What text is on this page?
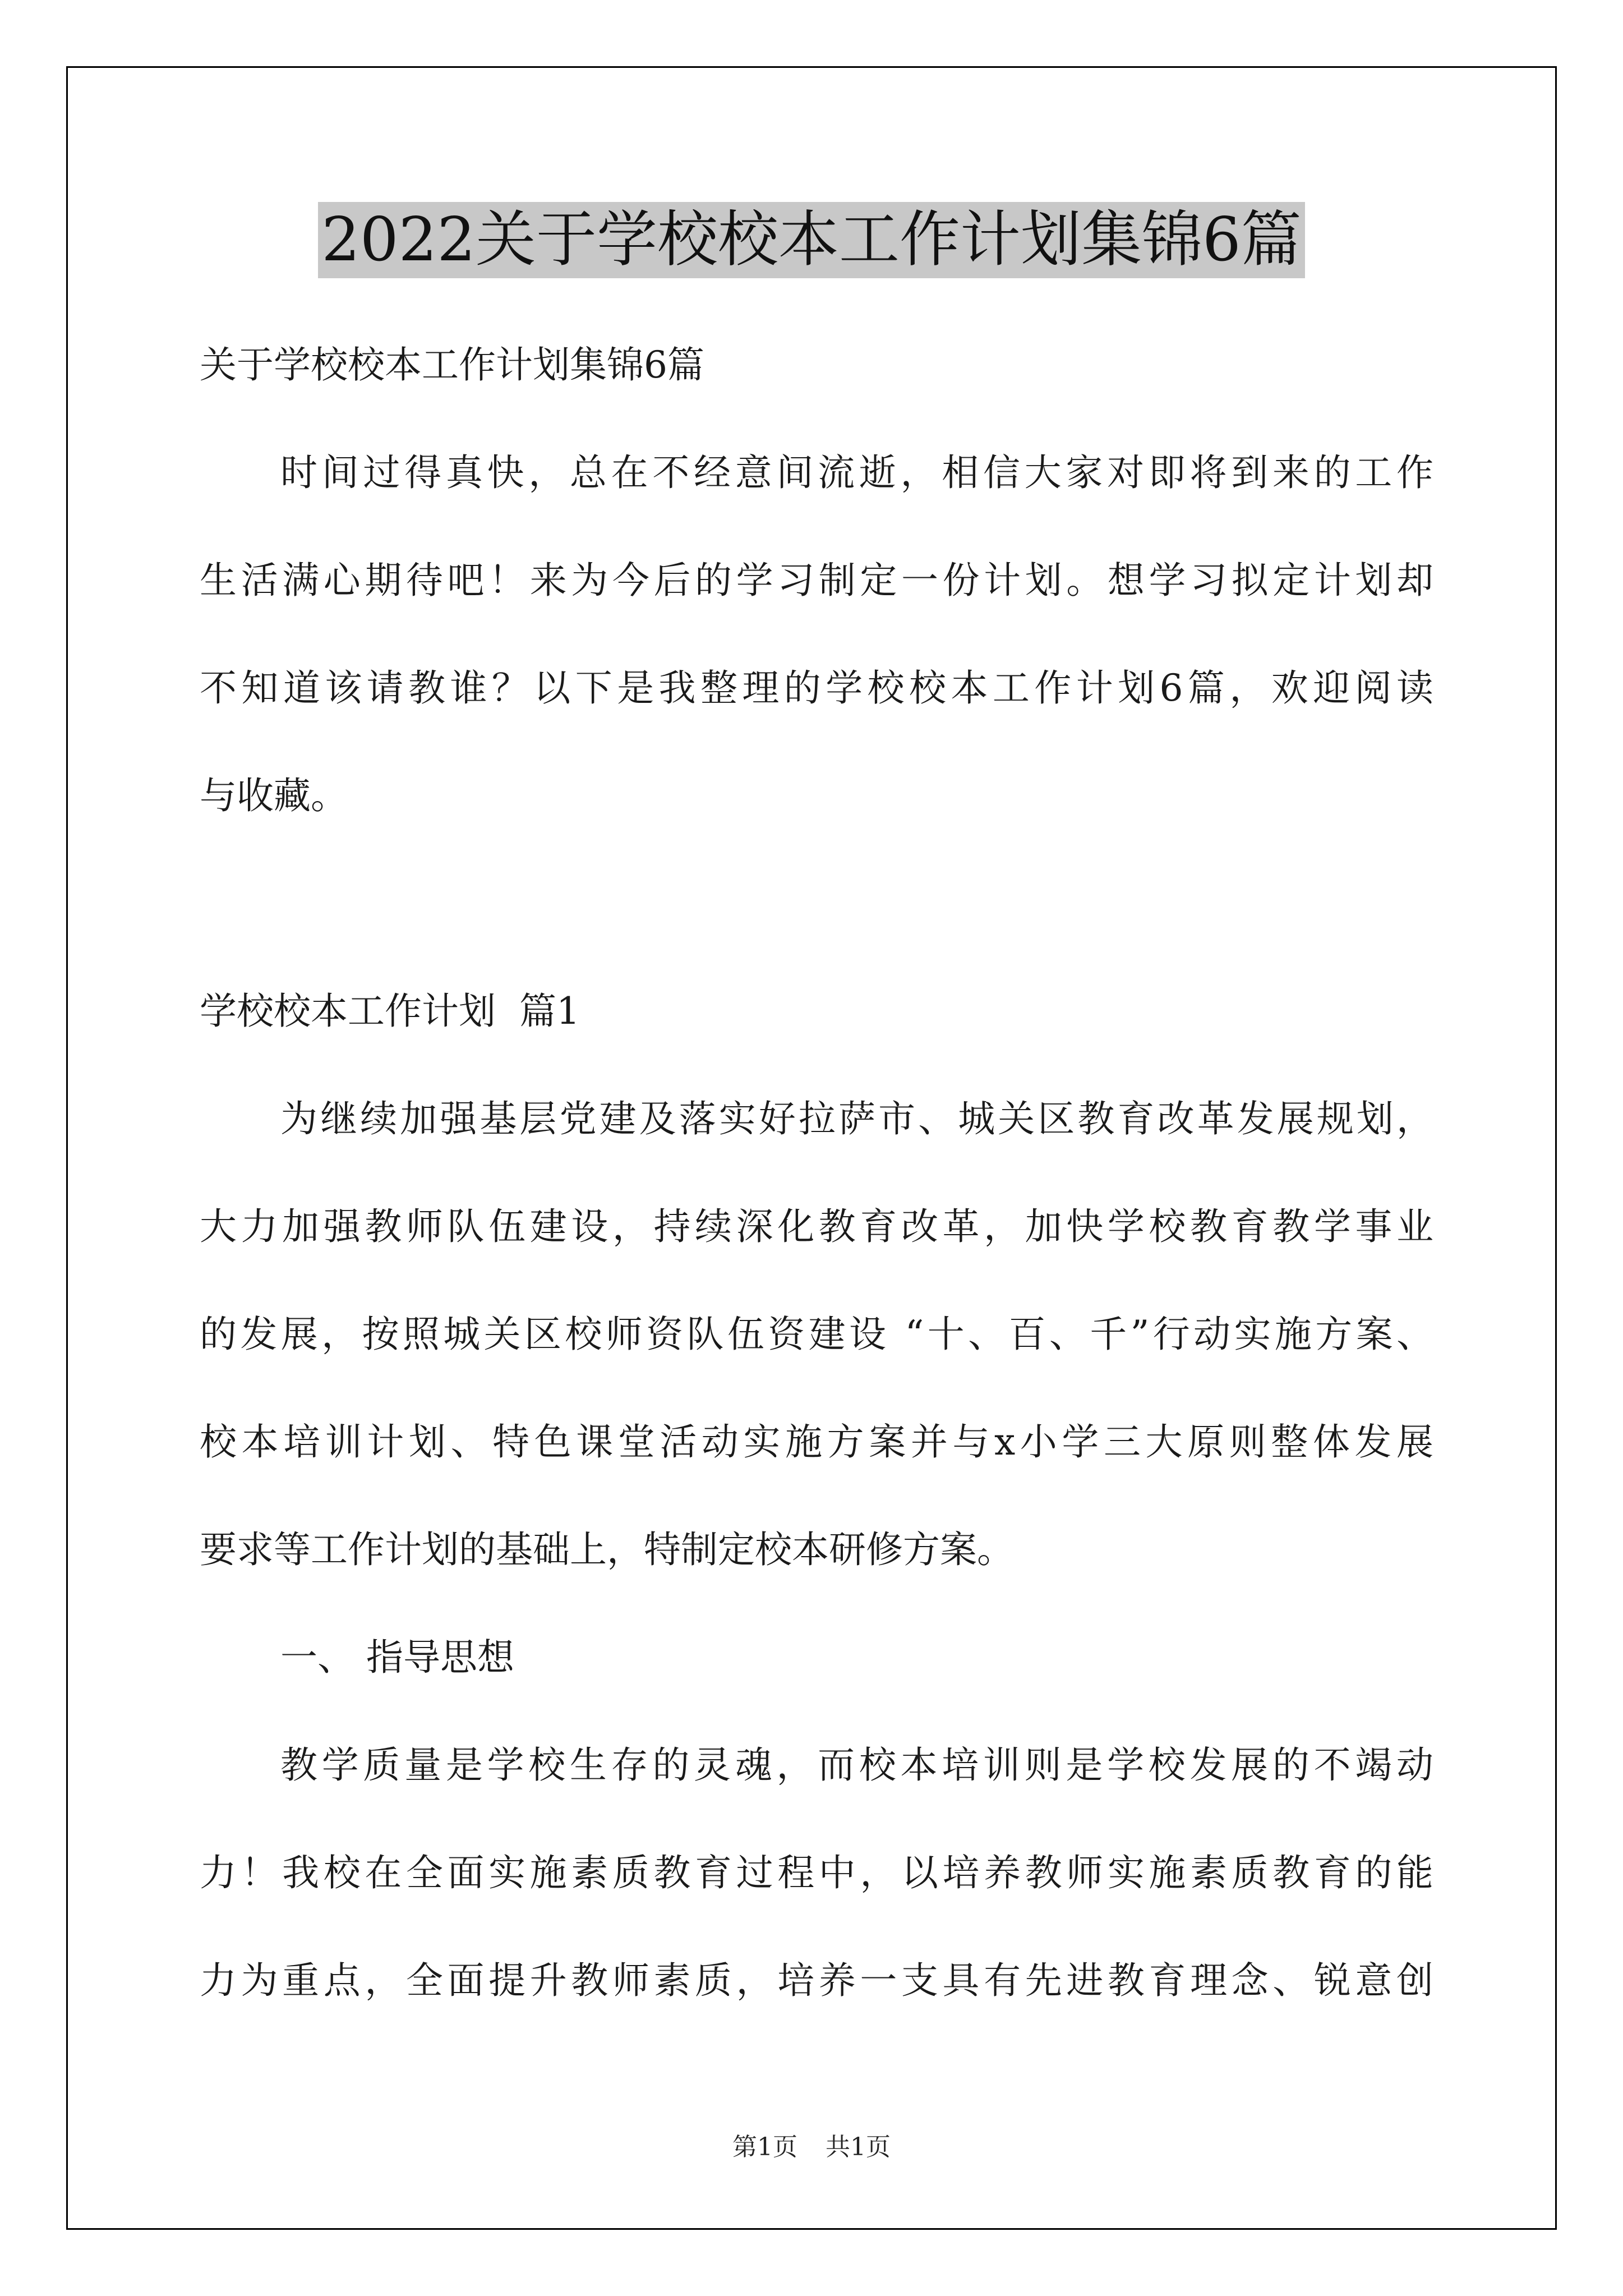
2022关于学校校本工作计划集锦6篇
关于学校校本工作计划集锦6篇
时间过得真快，总在不经意间流逝，相信大家对即将到来的工作
生活满心期待吧！来为今后的学习制定一份计划。想学习拟定计划却
不知道该请教谁？以下是我整理的学校校本工作计划6篇，欢迎阅读
与收藏。
学校校本工作计划  篇1
为继续加强基层党建及落实好拉萨市、城关区教育改革发展规划，
大力加强教师队伍建设，持续深化教育改革，加快学校教育教学事业
的发展，按照城关区校师资队伍资建设 “十、百、千”行动实施方案、
校本培训计划、特色课堂活动实施方案并与x小学三大原则整体发展
要求等工作计划的基础上，特制定校本研修方案。
一、 指导思想
教学质量是学校生存的灵魂，而校本培训则是学校发展的不竭动
力！我校在全面实施素质教育过程中，以培养教师实施素质教育的能
力为重点，全面提升教师素质，培养一支具有先进教育理念、锐意创
第1页 共1页
